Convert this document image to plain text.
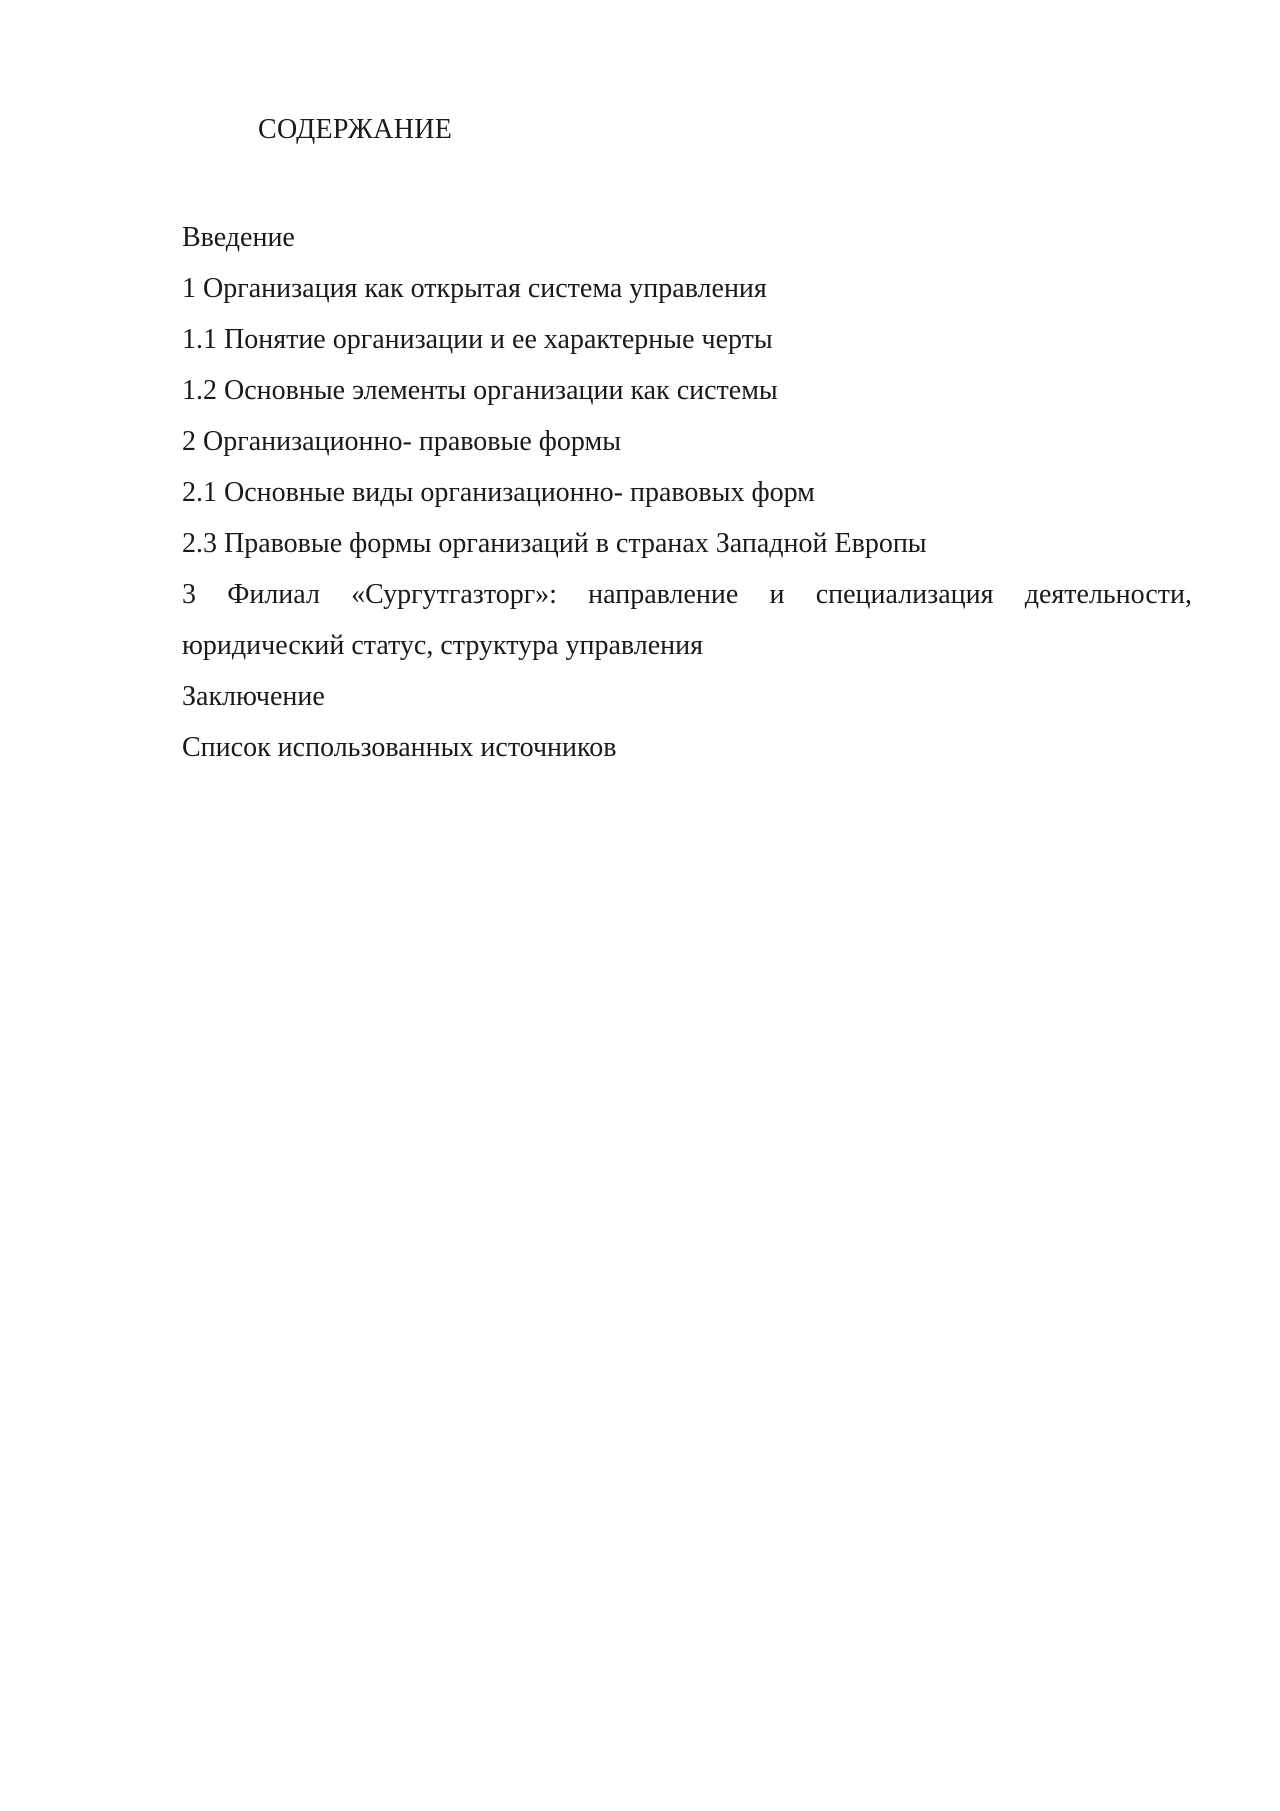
СОДЕРЖАНИЕ
Введение
1 Организация как открытая система управления
1.1 Понятие организации и ее характерные черты
1.2 Основные элементы организации как системы
2 Организационно- правовые формы
2.1 Основные виды организационно- правовых форм
2.3 Правовые формы организаций в странах Западной Европы
3 Филиал «Сургутгазторг»: направление и специализация деятельности, юридический статус, структура управления
Заключение
Список использованных источников
